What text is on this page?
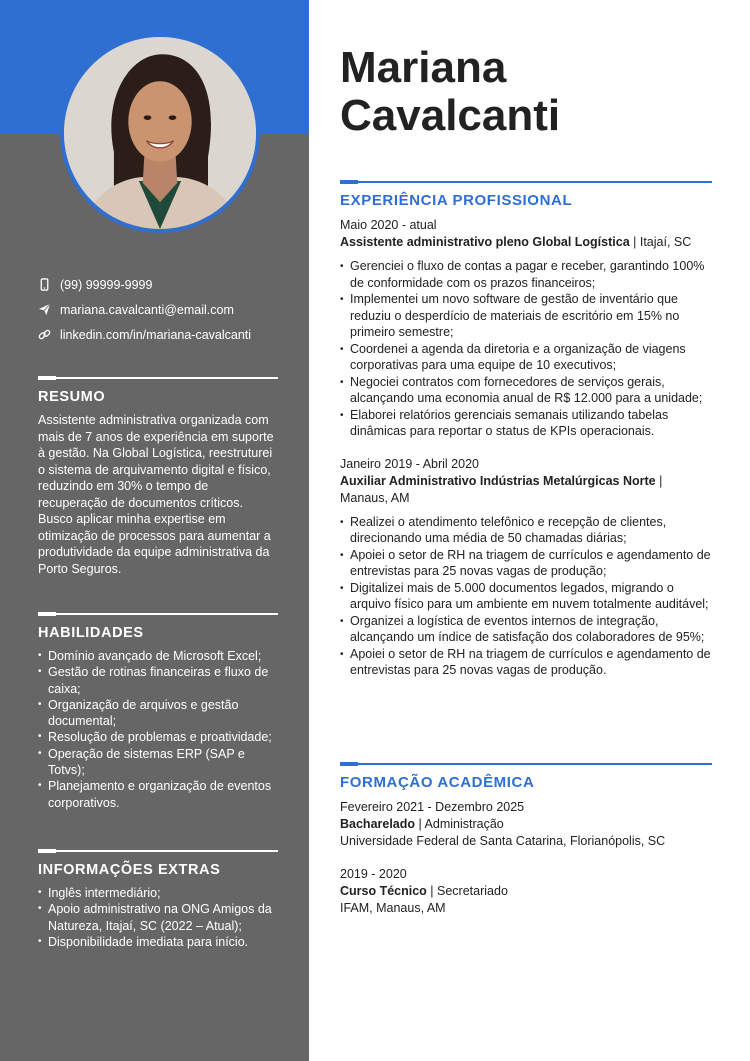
(99) 99999-9999
mariana.cavalcanti@email.com
linkedin.com/in/mariana-cavalcanti
RESUMO
Assistente administrativa organizada com mais de 7 anos de experiência em suporte à gestão. Na Global Logística, reestruturei o sistema de arquivamento digital e físico, reduzindo em 30% o tempo de recuperação de documentos críticos. Busco aplicar minha expertise em otimização de processos para aumentar a produtividade da equipe administrativa da Porto Seguros.
HABILIDADES
• Domínio avançado de Microsoft Excel;
• Gestão de rotinas financeiras e fluxo de caixa;
• Organização de arquivos e gestão documental;
• Resolução de problemas e proatividade;
• Operação de sistemas ERP (SAP e Totvs);
• Planejamento e organização de eventos corporativos.
INFORMAÇÕES EXTRAS
• Inglês intermediário;
• Apoio administrativo na ONG Amigos da Natureza, Itajaí, SC (2022 – Atual);
• Disponibilidade imediata para início.
Mariana
Cavalcanti
EXPERIÊNCIA PROFISSIONAL
Maio 2020 - atual
Assistente administrativo pleno Global Logística | Itajaí, SC
• Gerenciei o fluxo de contas a pagar e receber, garantindo 100% de conformidade com os prazos financeiros;
• Implementei um novo software de gestão de inventário que reduziu o desperdício de materiais de escritório em 15% no primeiro semestre;
• Coordenei a agenda da diretoria e a organização de viagens corporativas para uma equipe de 10 executivos;
• Negociei contratos com fornecedores de serviços gerais, alcançando uma economia anual de R$ 12.000 para a unidade;
• Elaborei relatórios gerenciais semanais utilizando tabelas dinâmicas para reportar o status de KPIs operacionais.
Janeiro 2019 - Abril 2020
Auxiliar Administrativo Indústrias Metalúrgicas Norte | Manaus, AM
• Realizei o atendimento telefônico e recepção de clientes, direcionando uma média de 50 chamadas diárias;
• Apoiei o setor de RH na triagem de currículos e agendamento de entrevistas para 25 novas vagas de produção;
• Digitalizei mais de 5.000 documentos legados, migrando o arquivo físico para um ambiente em nuvem totalmente auditável;
• Organizei a logística de eventos internos de integração, alcançando um índice de satisfação dos colaboradores de 95%;
• Apoiei o setor de RH na triagem de currículos e agendamento de entrevistas para 25 novas vagas de produção.
FORMAÇÃO ACADÊMICA
Fevereiro 2021 - Dezembro 2025
Bacharelado | Administração
Universidade Federal de Santa Catarina, Florianópolis, SC
2019 - 2020
Curso Técnico | Secretariado
IFAM, Manaus, AM
